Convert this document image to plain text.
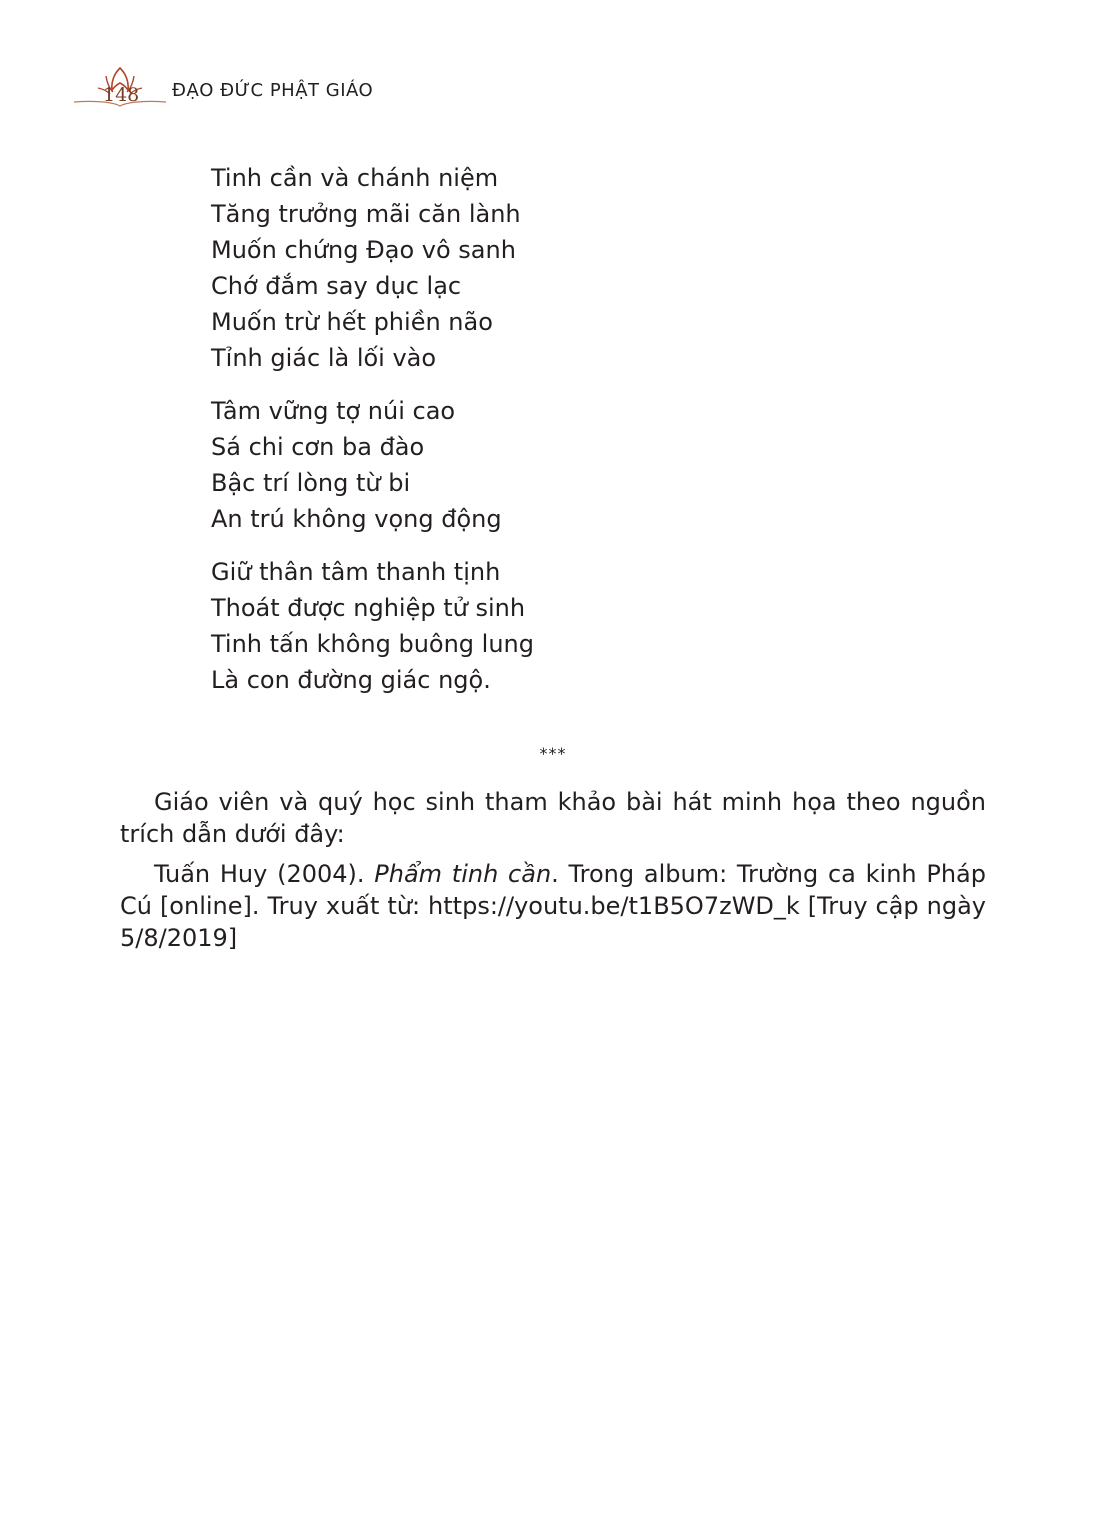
148 ĐẠO ĐỨC PHẬT GIÁO
Tinh cần và chánh niệm
Tăng trưởng mãi căn lành
Muốn chứng Đạo vô sanh
Chớ đắm say dục lạc
Muốn trừ hết phiền não
Tỉnh giác là lối vào
Tâm vững tợ núi cao
Sá chi cơn ba đào
Bậc trí lòng từ bi
An trú không vọng động
Giữ thân tâm thanh tịnh
Thoát được nghiệp tử sinh
Tinh tấn không buông lung
Là con đường giác ngộ.
***

Giáo viên và quý học sinh tham khảo bài hát minh họa theo nguồn trích dẫn dưới đây:

Tuấn Huy (2004). Phẩm tinh cần. Trong album: Trường ca kinh Pháp Cú [online]. Truy xuất từ: https://youtu.be/t1B5O7zWD_k [Truy cập ngày 5/8/2019]
